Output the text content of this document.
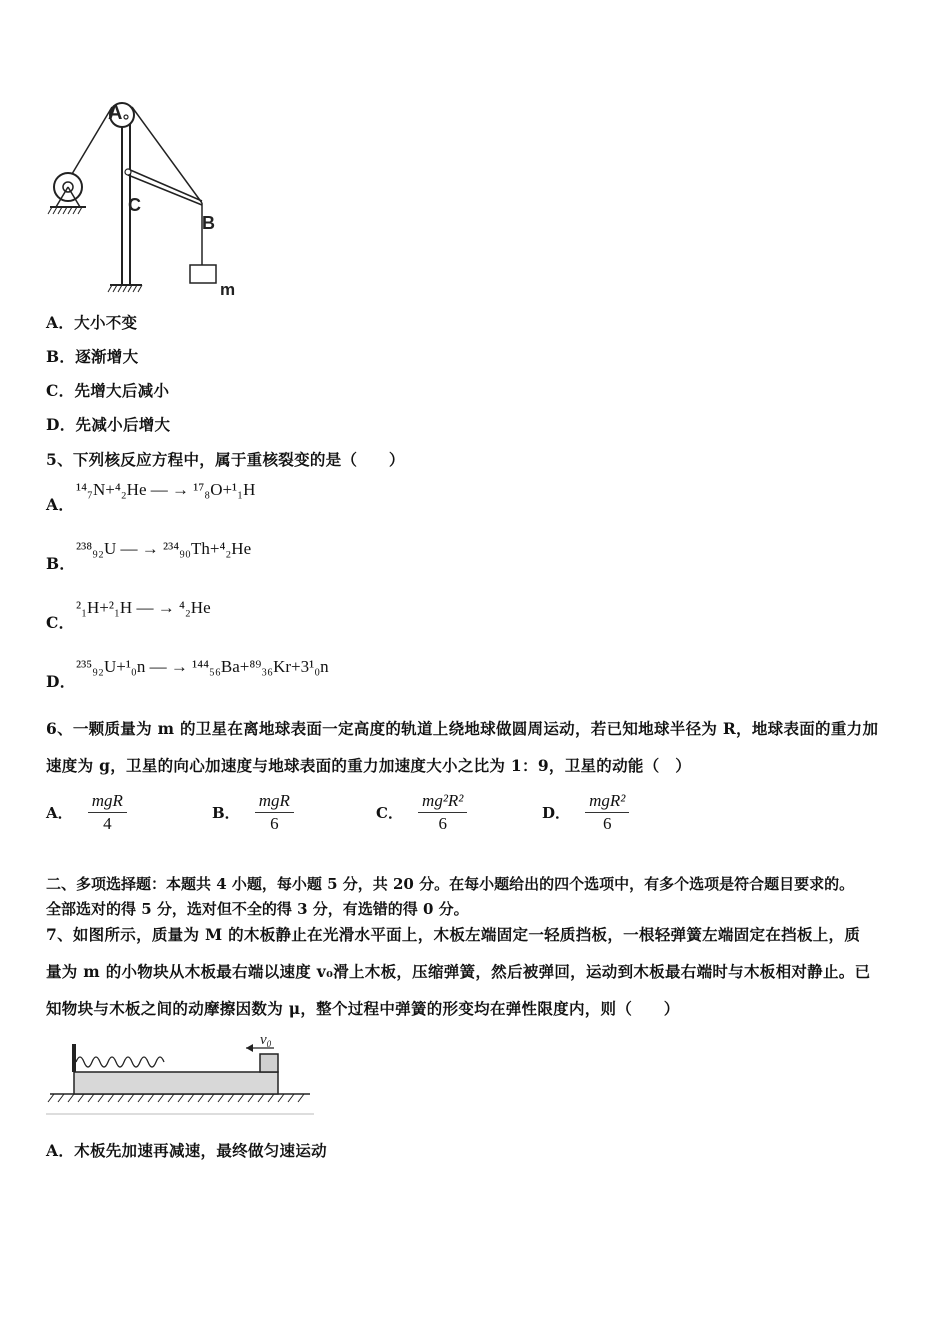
A
C
B
m
A．大小不变
B．逐渐增大
C．先增大后减小
D．先减小后增大
5、下列核反应方程中，属于重核裂变的是（　　）
A．
¹⁴₇N+⁴₂He — → ¹⁷₈O+¹₁H
B．
²³⁸₉₂U — → ²³⁴₉₀Th+⁴₂He
C．
²₁H+²₁H — → ⁴₂He
D．
²³⁵₉₂U+¹₀n — → ¹⁴⁴₅₆Ba+⁸⁹₃₆Kr+3¹₀n
6、一颗质量为 m 的卫星在离地球表面一定高度的轨道上绕地球做圆周运动，若已知地球半径为 R，地球表面的重力加
速度为 g，卫星的向心加速度与地球表面的重力加速度大小之比为 1：9，卫星的动能（　）
A． $\frac{\text{mgR}}{4}$	B． $\frac{\text{mgR}}{6}$	C． $\frac{\text{mg²R²}}{6}$	D． $\frac{\text{mgR²}}{6}$
二、多项选择题：本题共 4 小题，每小题 5 分，共 20 分。在每小题给出的四个选项中，有多个选项是符合题目要求的。
全部选对的得 5 分，选对但不全的得 3 分，有选错的得 0 分。
7、如图所示，质量为 M 的木板静止在光滑水平面上，木板左端固定一轻质挡板，一根轻弹簧左端固定在挡板上，质
量为 m 的小物块从木板最右端以速度 v₀滑上木板，压缩弹簧，然后被弹回，运动到木板最右端时与木板相对静止。已
知物块与木板之间的动摩擦因数为 μ，整个过程中弹簧的形变均在弹性限度内，则（　　）
$v_0$
A．木板先加速再减速，最终做匀速运动
